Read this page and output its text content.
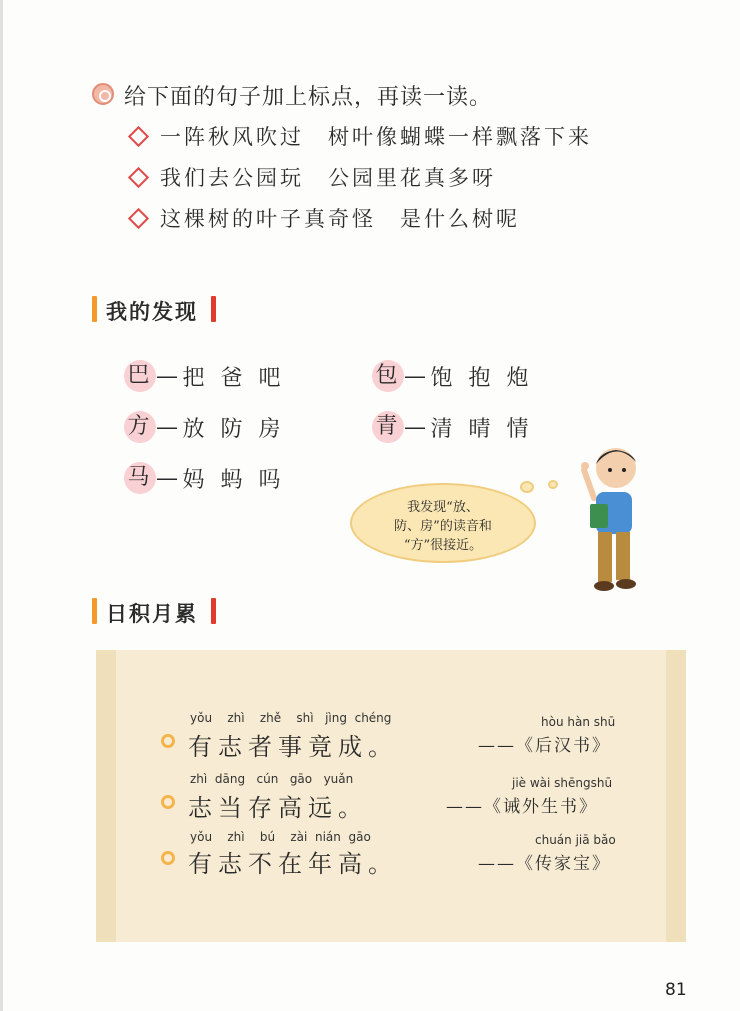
给下面的句子加上标点，再读一读。
一阵秋风吹过　树叶像蝴蝶一样飘落下来
我们去公园玩　公园里花真多呀
这棵树的叶子真奇怪　是什么树呢
我的发现
巴 — 把 爸 吧	包 — 饱 抱 炮
方 — 放 防 房	青 — 清 晴 情
马 — 妈 蚂 吗
我发现“放、
防、房”的读音和
“方”很接近。
日积月累
yǒu zhì zhě shì jìng chéng
有志者事竟成。
hòu hàn shū
——《后汉书》
zhì dāng cún gāo yuǎn
志当存高远。
jiè wài shēngshū
——《诫外生书》
yǒu zhì bú zài nián gāo
有志不在年高。
chuán jiā bǎo
——《传家宝》
81
